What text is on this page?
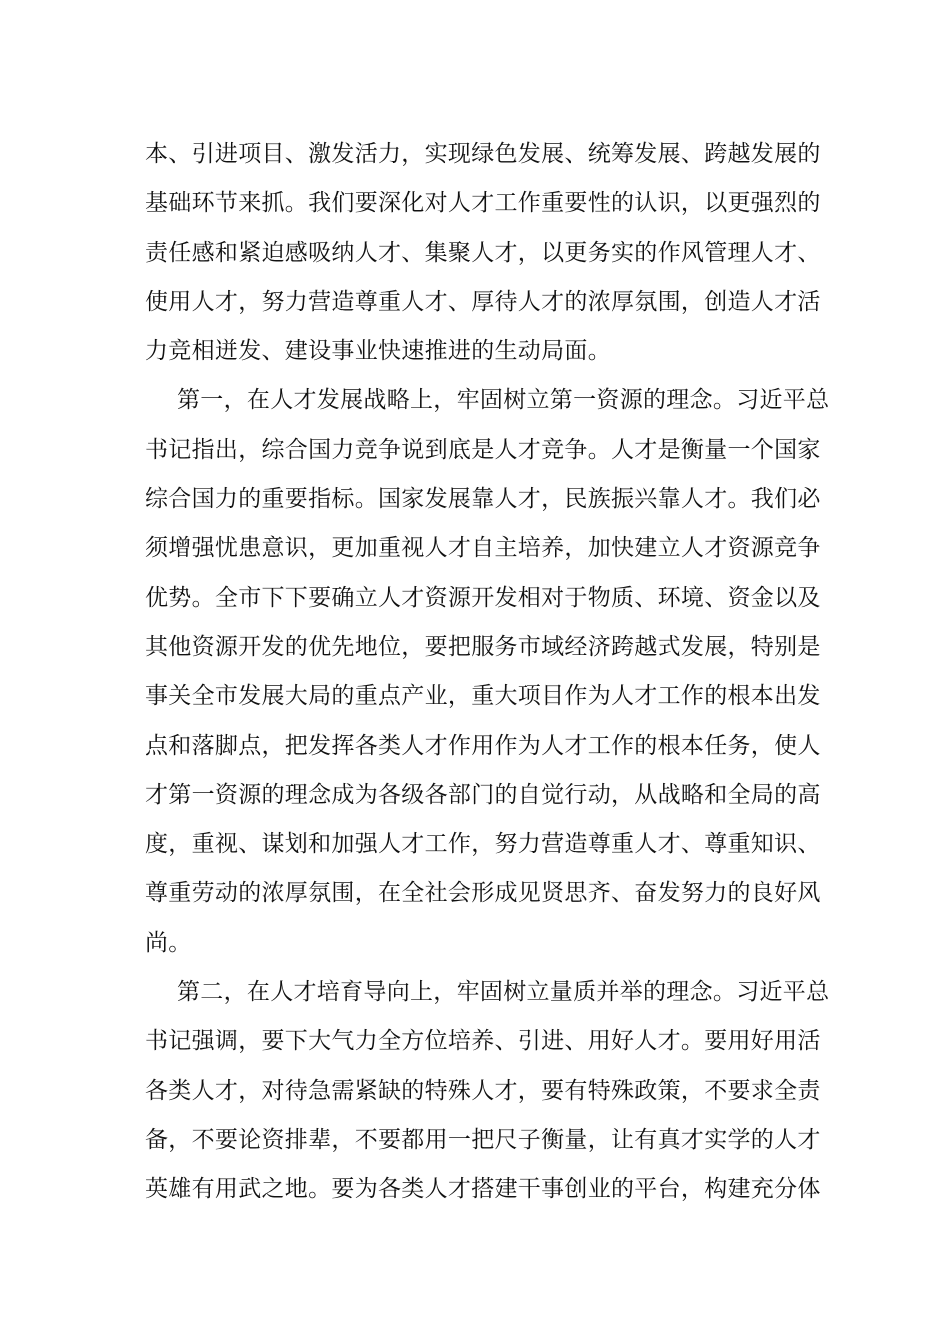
本、引进项目、激发活力，实现绿色发展、统筹发展、跨越发展的
基础环节来抓。我们要深化对人才工作重要性的认识，以更强烈的
责任感和紧迫感吸纳人才、集聚人才，以更务实的作风管理人才、
使用人才，努力营造尊重人才、厚待人才的浓厚氛围，创造人才活
力竞相迸发、建设事业快速推进的生动局面。
第一，在人才发展战略上，牢固树立第一资源的理念。习近平总
书记指出，综合国力竞争说到底是人才竞争。人才是衡量一个国家
综合国力的重要指标。国家发展靠人才，民族振兴靠人才。我们必
须增强忧患意识，更加重视人才自主培养，加快建立人才资源竞争
优势。全市下下要确立人才资源开发相对于物质、环境、资金以及
其他资源开发的优先地位，要把服务市域经济跨越式发展，特别是
事关全市发展大局的重点产业，重大项目作为人才工作的根本出发
点和落脚点，把发挥各类人才作用作为人才工作的根本任务，使人
才第一资源的理念成为各级各部门的自觉行动，从战略和全局的高
度，重视、谋划和加强人才工作，努力营造尊重人才、尊重知识、
尊重劳动的浓厚氛围，在全社会形成见贤思齐、奋发努力的良好风
尚。
第二，在人才培育导向上，牢固树立量质并举的理念。习近平总
书记强调，要下大气力全方位培养、引进、用好人才。要用好用活
各类人才，对待急需紧缺的特殊人才，要有特殊政策，不要求全责
备，不要论资排辈，不要都用一把尺子衡量，让有真才实学的人才
英雄有用武之地。要为各类人才搭建干事创业的平台，构建充分体
